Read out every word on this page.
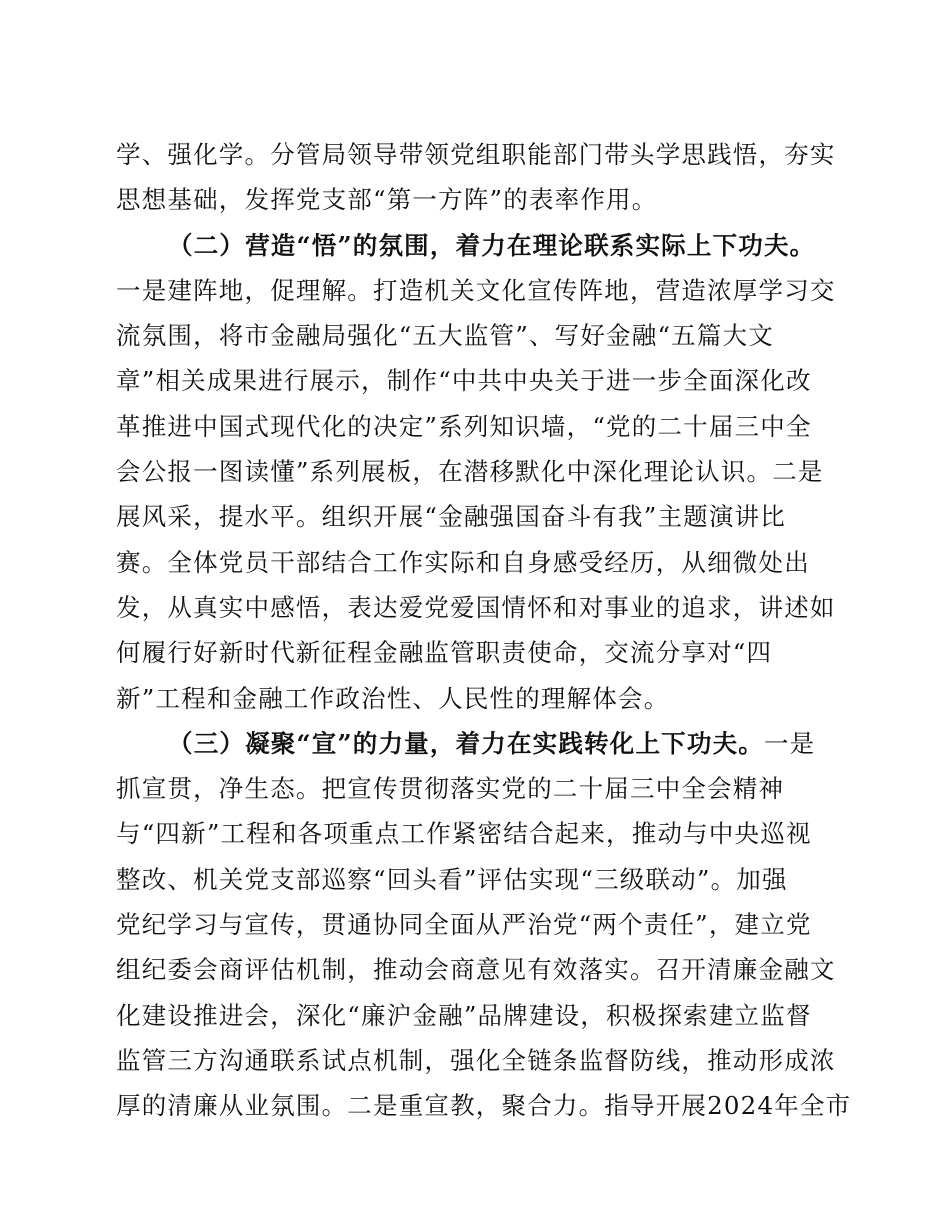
学、强化学。分管局领导带领党组职能部门带头学思践悟，夯实
思想基础，发挥党支部“第一方阵”的表率作用。
（二）营造“悟”的氛围，着力在理论联系实际上下功夫。
一是建阵地，促理解。打造机关文化宣传阵地，营造浓厚学习交
流氛围，将市金融局强化“五大监管”、写好金融“五篇大文
章”相关成果进行展示，制作“中共中央关于进一步全面深化改
革推进中国式现代化的决定”系列知识墙，“党的二十届三中全
会公报一图读懂”系列展板，在潜移默化中深化理论认识。二是
展风采，提水平。组织开展“金融强国奋斗有我”主题演讲比
赛。全体党员干部结合工作实际和自身感受经历，从细微处出
发，从真实中感悟，表达爱党爱国情怀和对事业的追求，讲述如
何履行好新时代新征程金融监管职责使命，交流分享对“四
新”工程和金融工作政治性、人民性的理解体会。
（三）凝聚“宣”的力量，着力在实践转化上下功夫。一是
抓宣贯，净生态。把宣传贯彻落实党的二十届三中全会精神
与“四新”工程和各项重点工作紧密结合起来，推动与中央巡视
整改、机关党支部巡察“回头看”评估实现“三级联动”。加强
党纪学习与宣传，贯通协同全面从严治党“两个责任”，建立党
组纪委会商评估机制，推动会商意见有效落实。召开清廉金融文
化建设推进会，深化“廉沪金融”品牌建设，积极探索建立监督
监管三方沟通联系试点机制，强化全链条监督防线，推动形成浓
厚的清廉从业氛围。二是重宣教，聚合力。指导开展2024年全市
